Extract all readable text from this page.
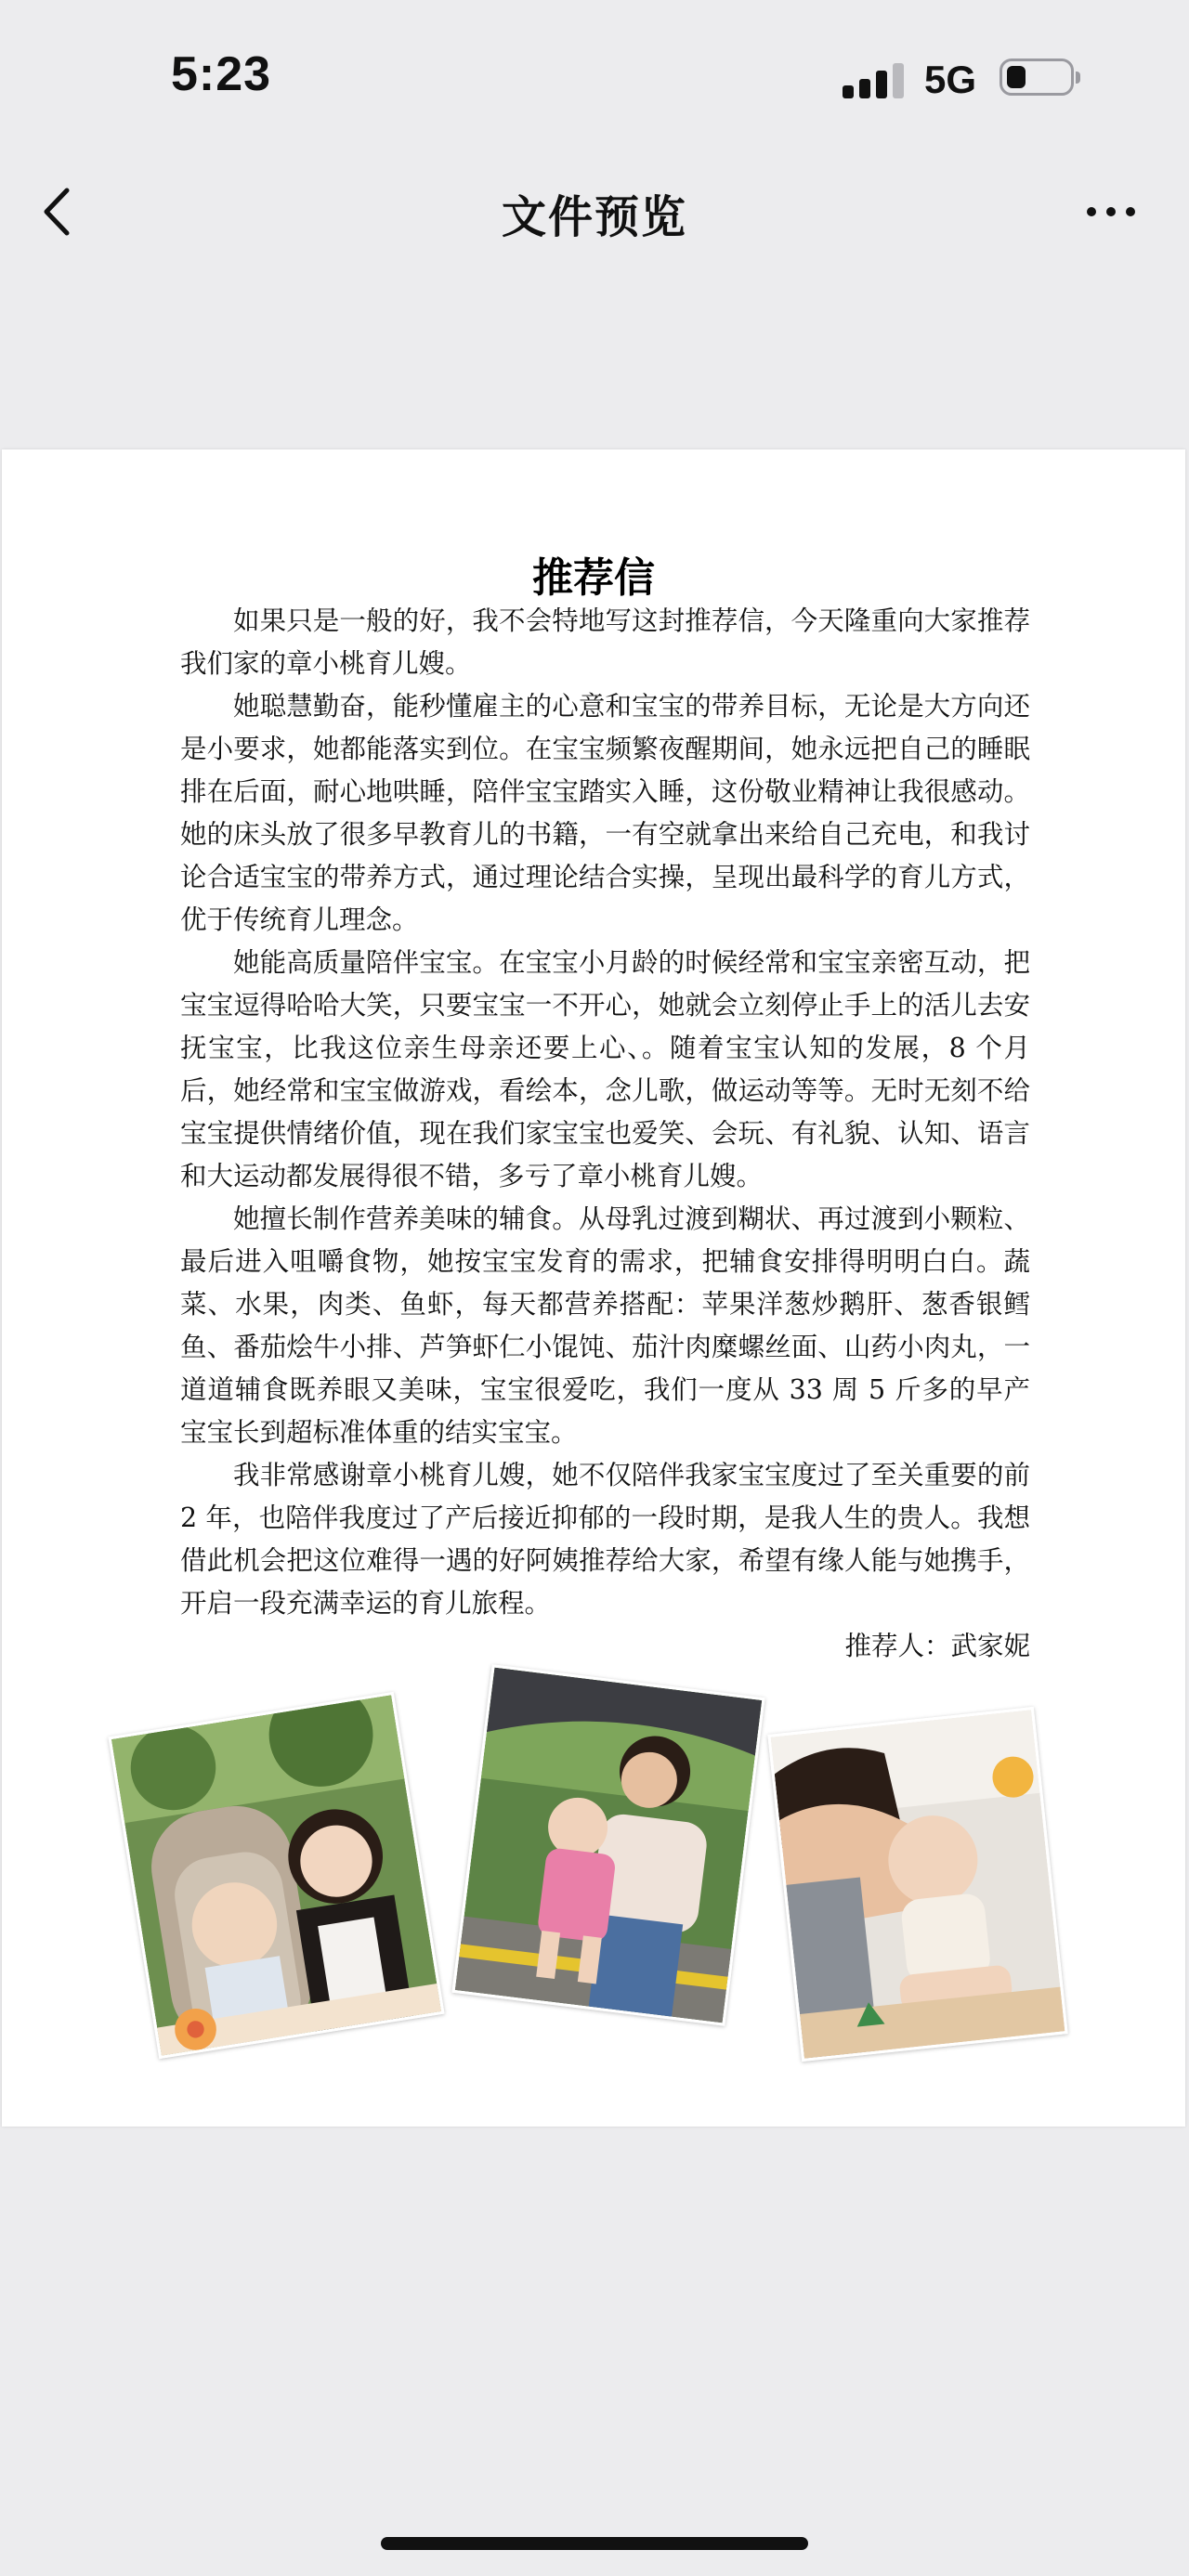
5:23	5G
文件预览
推荐信

如果只是一般的好，我不会特地写这封推荐信，今天隆重向大家推荐我们家的章小桃育儿嫂。

她聪慧勤奋，能秒懂雇主的心意和宝宝的带养目标，无论是大方向还是小要求，她都能落实到位。在宝宝频繁夜醒期间，她永远把自己的睡眠排在后面，耐心地哄睡，陪伴宝宝踏实入睡，这份敬业精神让我很感动。她的床头放了很多早教育儿的书籍，一有空就拿出来给自己充电，和我讨论合适宝宝的带养方式，通过理论结合实操，呈现出最科学的育儿方式，优于传统育儿理念。

她能高质量陪伴宝宝。在宝宝小月龄的时候经常和宝宝亲密互动，把宝宝逗得哈哈大笑，只要宝宝一不开心，她就会立刻停止手上的活儿去安抚宝宝，比我这位亲生母亲还要上心、。随着宝宝认知的发展，8 个月后，她经常和宝宝做游戏，看绘本，念儿歌，做运动等等。无时无刻不给宝宝提供情绪价值，现在我们家宝宝也爱笑、会玩、有礼貌、认知、语言和大运动都发展得很不错，多亏了章小桃育儿嫂。

她擅长制作营养美味的辅食。从母乳过渡到糊状、再过渡到小颗粒、最后进入咀嚼食物，她按宝宝发育的需求，把辅食安排得明明白白。蔬菜、水果，肉类、鱼虾，每天都营养搭配：苹果洋葱炒鹅肝、葱香银鳕鱼、番茄烩牛小排、芦笋虾仁小馄饨、茄汁肉糜螺丝面、山药小肉丸，一道道辅食既养眼又美味，宝宝很爱吃，我们一度从 33 周 5 斤多的早产宝宝长到超标准体重的结实宝宝。

我非常感谢章小桃育儿嫂，她不仅陪伴我家宝宝度过了至关重要的前 2 年，也陪伴我度过了产后接近抑郁的一段时期，是我人生的贵人。我想借此机会把这位难得一遇的好阿姨推荐给大家，希望有缘人能与她携手，开启一段充满幸运的育儿旅程。

推荐人：武家妮
